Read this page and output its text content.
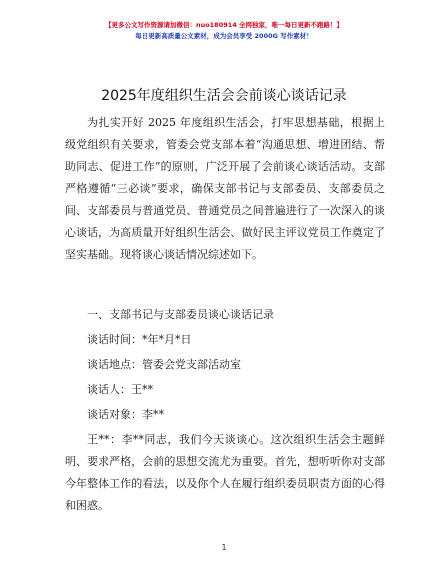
【更多公文写作资源请加微信：nuo180914 全网独家，唯一每日更新不跑路！】
每日更新高质量公文素材，成为会员享受 2000G 写作素材！
2025年度组织生活会会前谈心谈话记录

为扎实开好 2025 年度组织生活会，打牢思想基础，根据上级党组织有关要求，管委会党支部本着“沟通思想、增进团结、帮助同志、促进工作”的原则，广泛开展了会前谈心谈话活动。支部严格遵循“三必谈”要求，确保支部书记与支部委员、支部委员之间、支部委员与普通党员、普通党员之间普遍进行了一次深入的谈心谈话，为高质量开好组织生活会、做好民主评议党员工作奠定了坚实基础。现将谈心谈话情况综述如下。

一、支部书记与支部委员谈心谈话记录
谈话时间：*年*月*日
谈话地点：管委会党支部活动室
谈话人：王**
谈话对象：李**

王**：李**同志，我们今天谈谈心。这次组织生活会主题鲜明、要求严格，会前的思想交流尤为重要。首先，想听听你对支部今年整体工作的看法，以及你个人在履行组织委员职责方面的心得和困惑。

1
